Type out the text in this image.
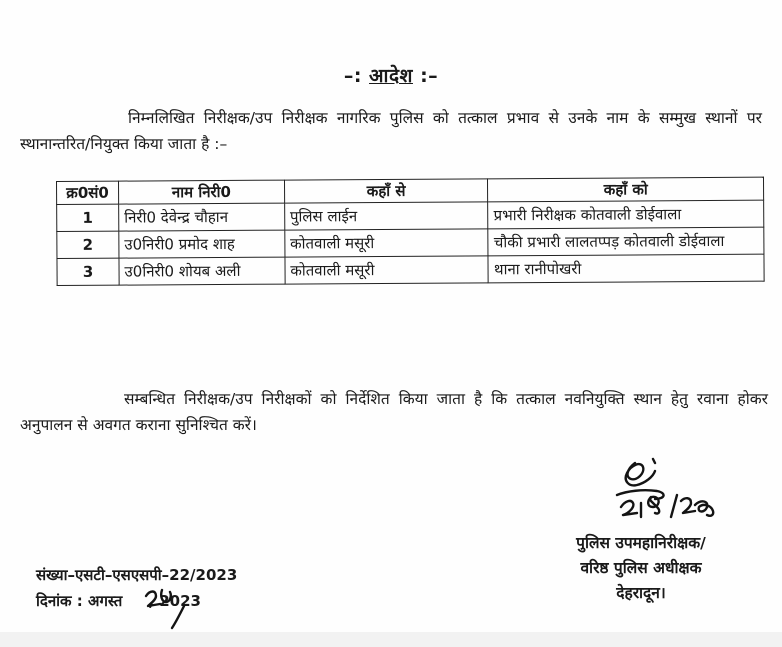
–: आदेश :–
निम्नलिखित निरीक्षक/उप निरीक्षक नागरिक पुलिस को तत्काल प्रभाव से उनके नाम के सम्मुख स्थानों पर स्थानान्तरित/नियुक्त किया जाता है :–
क्र0सं0	नाम निरी0	कहाँ से	कहाँ को
1	निरी0 देवेन्द्र चौहान	पुलिस लाईन	प्रभारी निरीक्षक कोतवाली डोईवाला
2	उ0निरी0 प्रमोद शाह	कोतवाली मसूरी	चौकी प्रभारी लालतप्पड़ कोतवाली डोईवाला
3	उ0निरी0 शोयब अली	कोतवाली मसूरी	थाना रानीपोखरी
सम्बन्धित निरीक्षक/उप निरीक्षकों को निर्देशित किया जाता है कि तत्काल नवनियुक्ति स्थान हेतु रवाना होकर अनुपालन से अवगत कराना सुनिश्चित करें।
पुलिस उपमहानिरीक्षक/
वरिष्ठ पुलिस अधीक्षक
देहरादून।
संख्या–एसटी–एसएसपी–22/2023
दिनांक : अगस्त , 2023
